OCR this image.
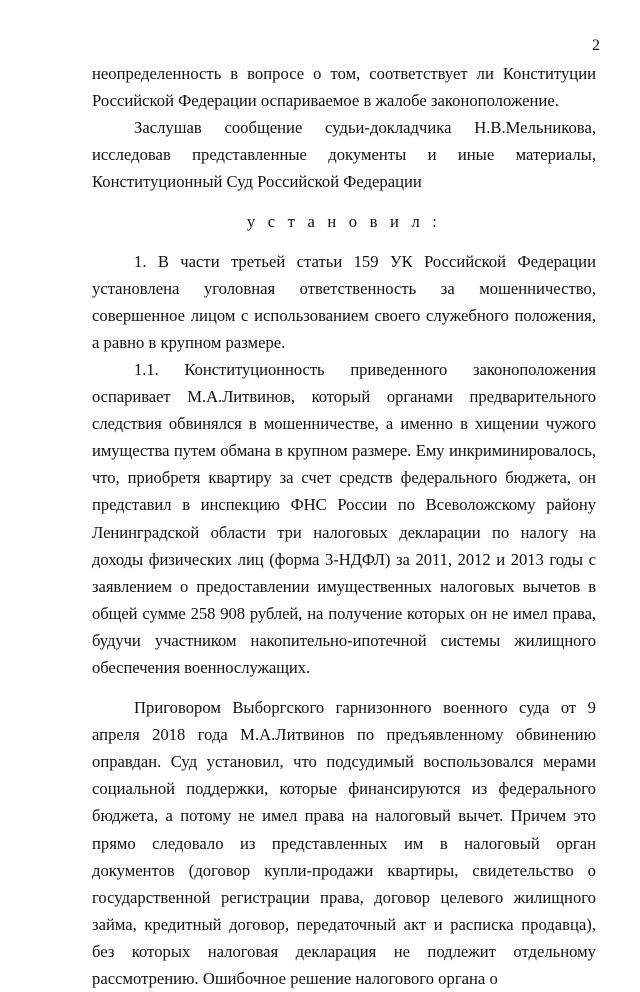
2

неопределенность в вопросе о том, соответствует ли Конституции Российской Федерации оспариваемое в жалобе законоположение.

Заслушав сообщение судьи-докладчика Н.В.Мельникова, исследовав представленные документы и иные материалы, Конституционный Суд Российской Федерации

у с т а н о в и л :

1. В части третьей статьи 159 УК Российской Федерации установлена уголовная ответственность за мошенничество, совершенное лицом с использованием своего служебного положения, а равно в крупном размере.

1.1. Конституционность приведенного законоположения оспаривает М.А.Литвинов, который органами предварительного следствия обвинялся в мошенничестве, а именно в хищении чужого имущества путем обмана в крупном размере. Ему инкриминировалось, что, приобретя квартиру за счет средств федерального бюджета, он представил в инспекцию ФНС России по Всеволожскому району Ленинградской области три налоговых декларации по налогу на доходы физических лиц (форма 3-НДФЛ) за 2011, 2012 и 2013 годы с заявлением о предоставлении имущественных налоговых вычетов в общей сумме 258 908 рублей, на получение которых он не имел права, будучи участником накопительно-ипотечной системы жилищного обеспечения военнослужащих.

Приговором Выборгского гарнизонного военного суда от 9 апреля 2018 года М.А.Литвинов по предъявленному обвинению оправдан. Суд установил, что подсудимый воспользовался мерами социальной поддержки, которые финансируются из федерального бюджета, а потому не имел права на налоговый вычет. Причем это прямо следовало из представленных им в налоговый орган документов (договор купли-продажи квартиры, свидетельство о государственной регистрации права, договор целевого жилищного займа, кредитный договор, передаточный акт и расписка продавца), без которых налоговая декларация не подлежит отдельному рассмотрению. Ошибочное решение налогового органа о
